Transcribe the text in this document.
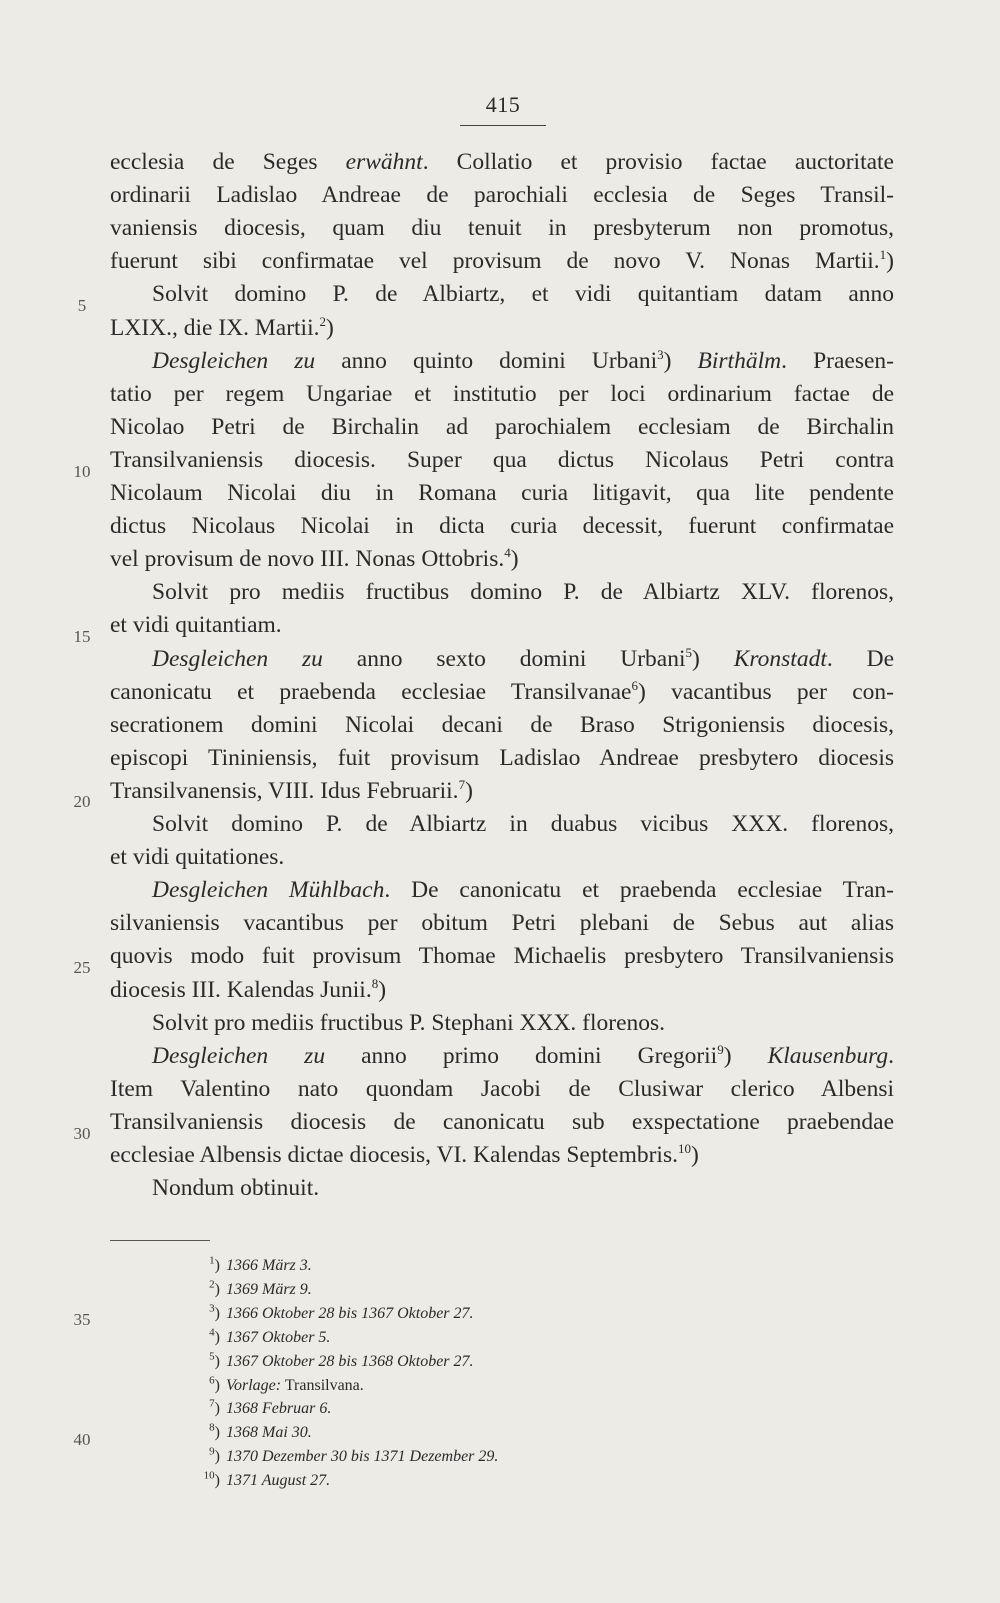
415
ecclesia de Seges erwähnt. Collatio et provisio factae auctoritate
ordinarii Ladislao Andreae de parochiali ecclesia de Seges Transil-
vaniensis diocesis, quam diu tenuit in presbyterum non promotus,
fuerunt sibi confirmatae vel provisum de novo V. Nonas Martii.$^1$)
Solvit domino P. de Albiartz, et vidi quitantiam datam anno
LXIX., die IX. Martii.$^2$)
Desgleichen zu anno quinto domini Urbani$^3$) Birthälm. Praesen-
tatio per regem Ungariae et institutio per loci ordinarium factae de
Nicolao Petri de Birchalin ad parochialem ecclesiam de Birchalin
Transilvaniensis diocesis. Super qua dictus Nicolaus Petri contra
Nicolaum Nicolai diu in Romana curia litigavit, qua lite pendente
dictus Nicolaus Nicolai in dicta curia decessit, fuerunt confirmatae
vel provisum de novo III. Nonas Ottobris.$^4$)
Solvit pro mediis fructibus domino P. de Albiartz XLV. florenos,
et vidi quitantiam.
Desgleichen zu anno sexto domini Urbani$^5$) Kronstadt. De
canonicatu et praebenda ecclesiae Transilvanae$^6$) vacantibus per con-
secrationem domini Nicolai decani de Braso Strigoniensis diocesis,
episcopi Tininiensis, fuit provisum Ladislao Andreae presbytero diocesis
Transilvanensis, VIII. Idus Februarii.$^7$)
Solvit domino P. de Albiartz in duabus vicibus XXX. florenos,
et vidi quitationes.
Desgleichen Mühlbach. De canonicatu et praebenda ecclesiae Tran-
silvaniensis vacantibus per obitum Petri plebani de Sebus aut alias
quovis modo fuit provisum Thomae Michaelis presbytero Transilvaniensis
diocesis III. Kalendas Junii.$^8$)
Solvit pro mediis fructibus P. Stephani XXX. florenos.
Desgleichen zu anno primo domini Gregorii$^9$) Klausenburg.
Item Valentino nato quondam Jacobi de Clusiwar clerico Albensi
Transilvaniensis diocesis de canonicatu sub exspectatione praebendae
ecclesiae Albensis dictae diocesis, VI. Kalendas Septembris.$^{10}$)
Nondum obtinuit.
5
10
15
20
25
30
35
40
$^1$) 1366 März 3.
$^2$) 1369 März 9.
$^3$) 1366 Oktober 28 bis 1367 Oktober 27.
$^4$) 1367 Oktober 5.
$^5$) 1367 Oktober 28 bis 1368 Oktober 27.
$^6$) Vorlage: Transilvana.
$^7$) 1368 Februar 6.
$^8$) 1368 Mai 30.
$^9$) 1370 Dezember 30 bis 1371 Dezember 29.
$^{10}$) 1371 August 27.
